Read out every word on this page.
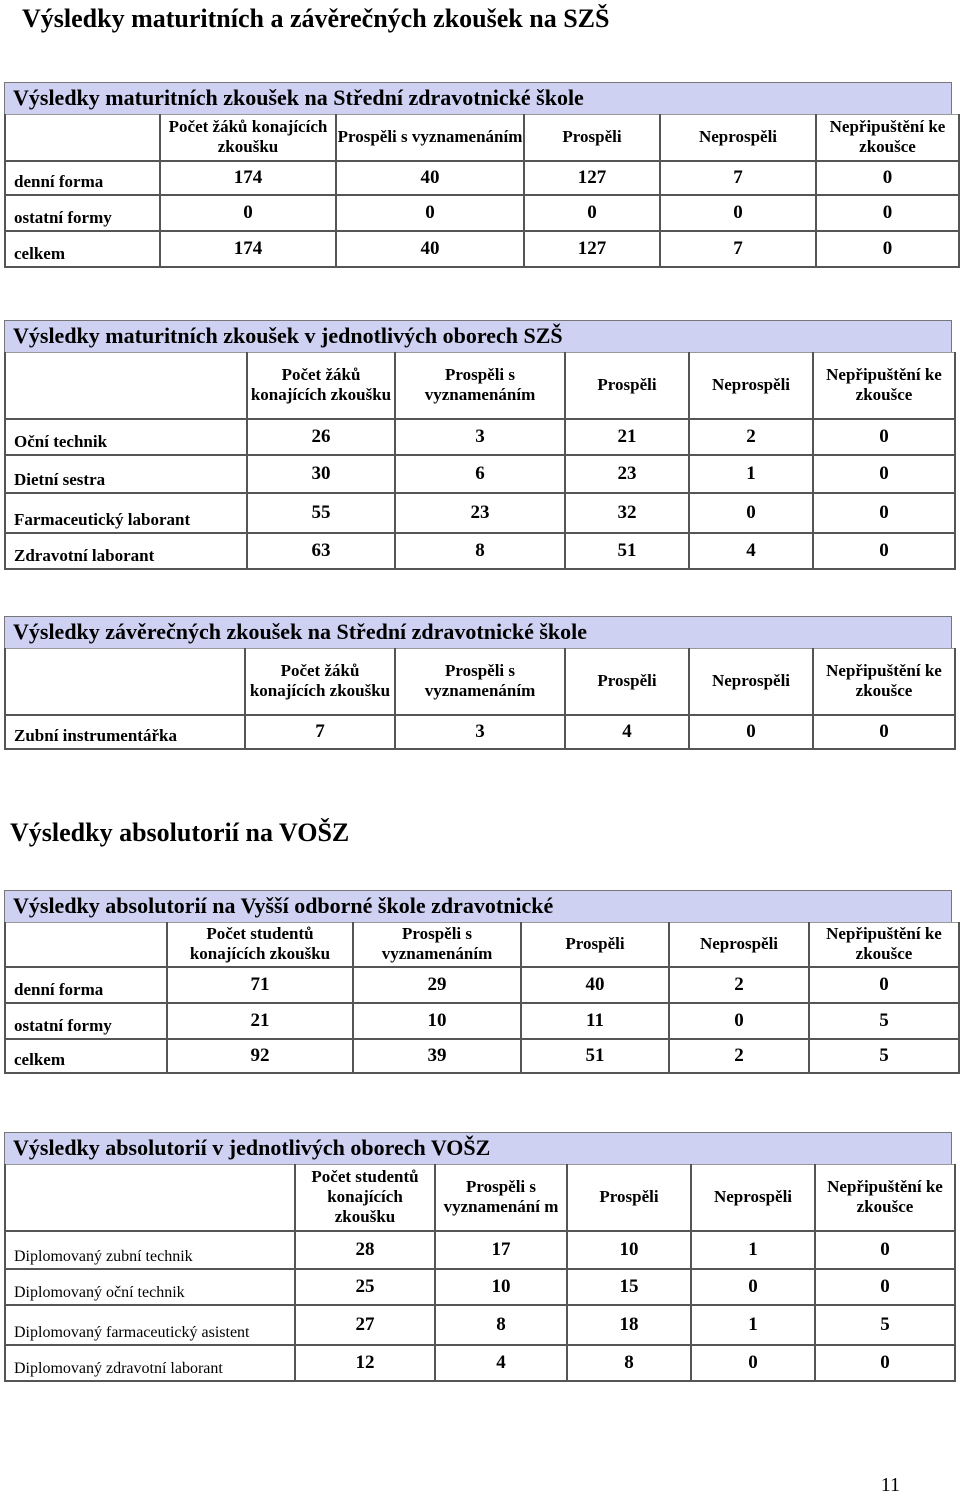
Výsledky maturitních a závěrečných zkoušek na SZŠ
Výsledky maturitních zkoušek na Střední zdravotnické škole
	Počet žáků konajících zkoušku	Prospěli s vyznamenáním	Prospěli	Neprospěli	Nepřipuštění ke zkoušce
denní forma	174	40	127	7	0
ostatní formy	0	0	0	0	0
celkem	174	40	127	7	0
Výsledky maturitních zkoušek v jednotlivých oborech SZŠ
	Počet žáků konajících zkoušku	Prospěli s vyznamenáním	Prospěli	Neprospěli	Nepřipuštění ke zkoušce
Oční technik	26	3	21	2	0
Dietní sestra	30	6	23	1	0
Farmaceutický laborant	55	23	32	0	0
Zdravotní laborant	63	8	51	4	0
Výsledky závěrečných zkoušek na Střední zdravotnické škole
	Počet žáků konajících zkoušku	Prospěli s vyznamenáním	Prospěli	Neprospěli	Nepřipuštění ke zkoušce
Zubní instrumentářka	7	3	4	0	0
Výsledky absolutorií na VOŠZ
Výsledky absolutorií na Vyšší odborné škole zdravotnické
	Počet studentů konajících zkoušku	Prospěli s vyznamenáním	Prospěli	Neprospěli	Nepřipuštění ke zkoušce
denní forma	71	29	40	2	0
ostatní formy	21	10	11	0	5
celkem	92	39	51	2	5
Výsledky absolutorií v jednotlivých oborech VOŠZ
	Počet studentů konajících zkoušku	Prospěli s vyznamenání m	Prospěli	Neprospěli	Nepřipuštění ke zkoušce
Diplomovaný zubní technik	28	17	10	1	0
Diplomovaný oční technik	25	10	15	0	0
Diplomovaný farmaceutický asistent	27	8	18	1	5
Diplomovaný zdravotní laborant	12	4	8	0	0
11
